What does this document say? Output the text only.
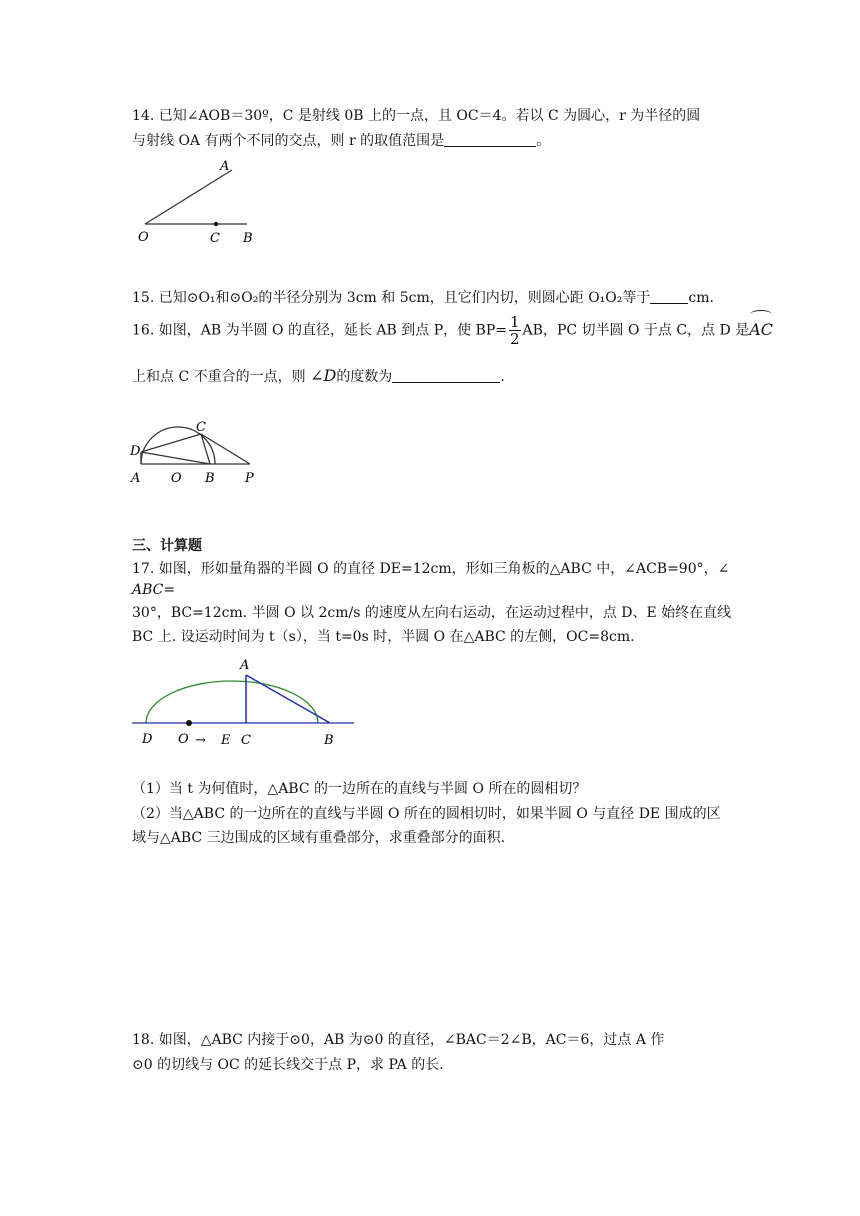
14. 已知∠AOB＝30º，C 是射线 0B 上的一点，且 OC＝4。若以 C 为圆心，r 为半径的圆
与射线 OA 有两个不同的交点，则 r 的取值范围是	。
A
O	C B
15. 已知⊙O₁和⊙O₂的半径分别为 3cm 和 5cm，且它们内切，则圆心距 O₁O₂等于	cm.
16. 如图，AB 为半圆 O 的直径，延长 AB 到点 P，使 $BP= \frac{1}{2}$ AB，PC 切半圆 O 于点 C，点 D 是AC
上和点 C 不重合的一点，则 ∠D的度数为	.
C
D
A O B P
三、计算题
17. 如图，形如量角器的半圆 O 的直径 DE=12cm，形如三角板的△ABC 中，∠ACB=90°，∠
ABC=
30°，BC=12cm. 半圆 O 以 2cm/s 的速度从左向右运动，在运动过程中，点 D、E 始终在直线
BC 上. 设运动时间为 t（s），当 t=0s 时，半圆 O 在△ABC 的左侧，OC=8cm.
A
D O → E C	B
（1）当 t 为何值时，△ABC 的一边所在的直线与半圆 O 所在的圆相切？
（2）当△ABC 的一边所在的直线与半圆 O 所在的圆相切时，如果半圆 O 与直径 DE 围成的区
域与△ABC 三边围成的区域有重叠部分，求重叠部分的面积.
18. 如图，△ABC 内接于⊙0，AB 为⊙0 的直径，∠BAC＝2∠B，AC＝6，过点 A 作
⊙0 的切线与 OC 的延长线交于点 P，求 PA 的长.
